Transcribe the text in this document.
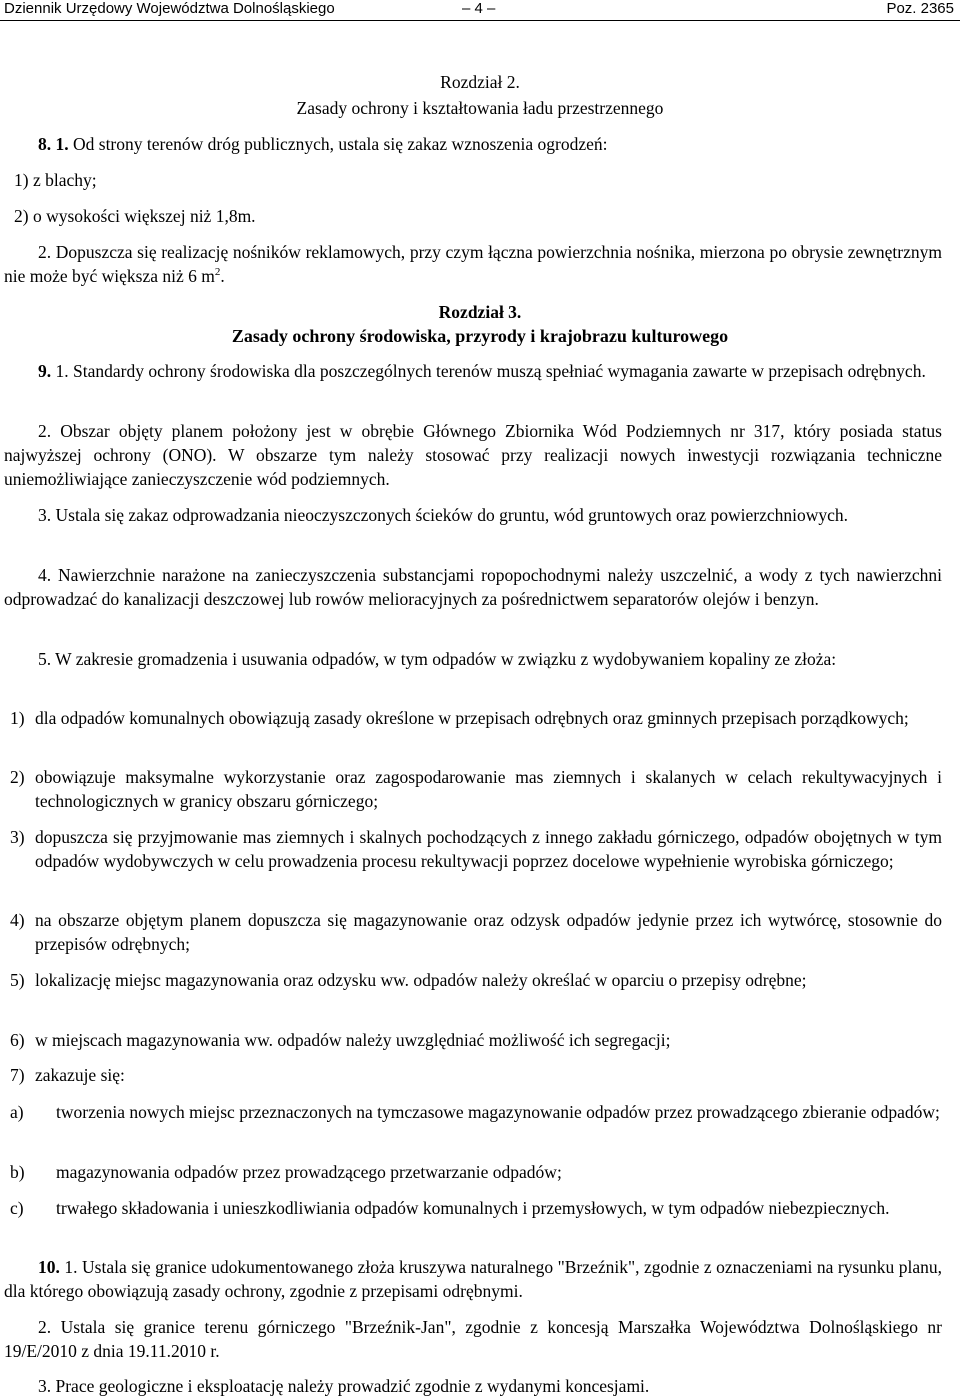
Dziennik Urzędowy Województwa Dolnośląskiego	– 4 –	Poz. 2365
Rozdział 2.
Zasady ochrony i kształtowania ładu przestrzennego
8. 1. Od strony terenów dróg publicznych, ustala się zakaz wznoszenia ogrodzeń:
1) z blachy;
2) o wysokości większej niż 1,8m.
2. Dopuszcza się realizację nośników reklamowych, przy czym łączna powierzchnia nośnika, mierzona po obrysie zewnętrznym nie może być większa niż 6 $m^2$.
Rozdział 3.
Zasady ochrony środowiska, przyrody i krajobrazu kulturowego
9. 1. Standardy ochrony środowiska dla poszczególnych terenów muszą spełniać wymagania zawarte w przepisach odrębnych.
2. Obszar objęty planem położony jest w obrębie Głównego Zbiornika Wód Podziemnych nr 317, który posiada status najwyższej ochrony (ONO). W obszarze tym należy stosować przy realizacji nowych inwestycji rozwiązania techniczne uniemożliwiające zanieczyszczenie wód podziemnych.
3. Ustala się zakaz odprowadzania nieoczyszczonych ścieków do gruntu, wód gruntowych oraz powierzchniowych.
4. Nawierzchnie narażone na zanieczyszczenia substancjami ropopochodnymi należy uszczelnić, a wody z tych nawierzchni odprowadzać do kanalizacji deszczowej lub rowów melioracyjnych za pośrednictwem separatorów olejów i benzyn.
5. W zakresie gromadzenia i usuwania odpadów, w tym odpadów w związku z wydobywaniem kopaliny ze złoża:
1) dla odpadów komunalnych obowiązują zasady określone w przepisach odrębnych oraz gminnych przepisach porządkowych;
2) obowiązuje maksymalne wykorzystanie oraz zagospodarowanie mas ziemnych i skalanych w celach rekultywacyjnych i technologicznych w granicy obszaru górniczego;
3) dopuszcza się przyjmowanie mas ziemnych i skalnych pochodzących z innego zakładu górniczego, odpadów obojętnych w tym odpadów wydobywczych w celu prowadzenia procesu rekultywacji poprzez docelowe wypełnienie wyrobiska górniczego;
4) na obszarze objętym planem dopuszcza się magazynowanie oraz odzysk odpadów jedynie przez ich wytwórcę, stosownie do przepisów odrębnych;
5) lokalizację miejsc magazynowania oraz odzysku ww. odpadów należy określać w oparciu o przepisy odrębne;
6) w miejscach magazynowania ww. odpadów należy uwzględniać możliwość ich segregacji;
7) zakazuje się:
a)	tworzenia nowych miejsc przeznaczonych na tymczasowe magazynowanie odpadów przez prowadzącego zbieranie odpadów;
b)	magazynowania odpadów przez prowadzącego przetwarzanie odpadów;
c)	trwałego składowania i unieszkodliwiania odpadów komunalnych i przemysłowych, w tym odpadów niebezpiecznych.
10. 1. Ustala się granice udokumentowanego złoża kruszywa naturalnego "Brzeźnik", zgodnie z oznaczeniami na rysunku planu, dla którego obowiązują zasady ochrony, zgodnie z przepisami odrębnymi.
2. Ustala się granice terenu górniczego "Brzeźnik-Jan", zgodnie z koncesją Marszałka Województwa Dolnośląskiego nr 19/E/2010 z dnia 19.11.2010 r.
3. Prace geologiczne i eksploatację należy prowadzić zgodnie z wydanymi koncesjami.
